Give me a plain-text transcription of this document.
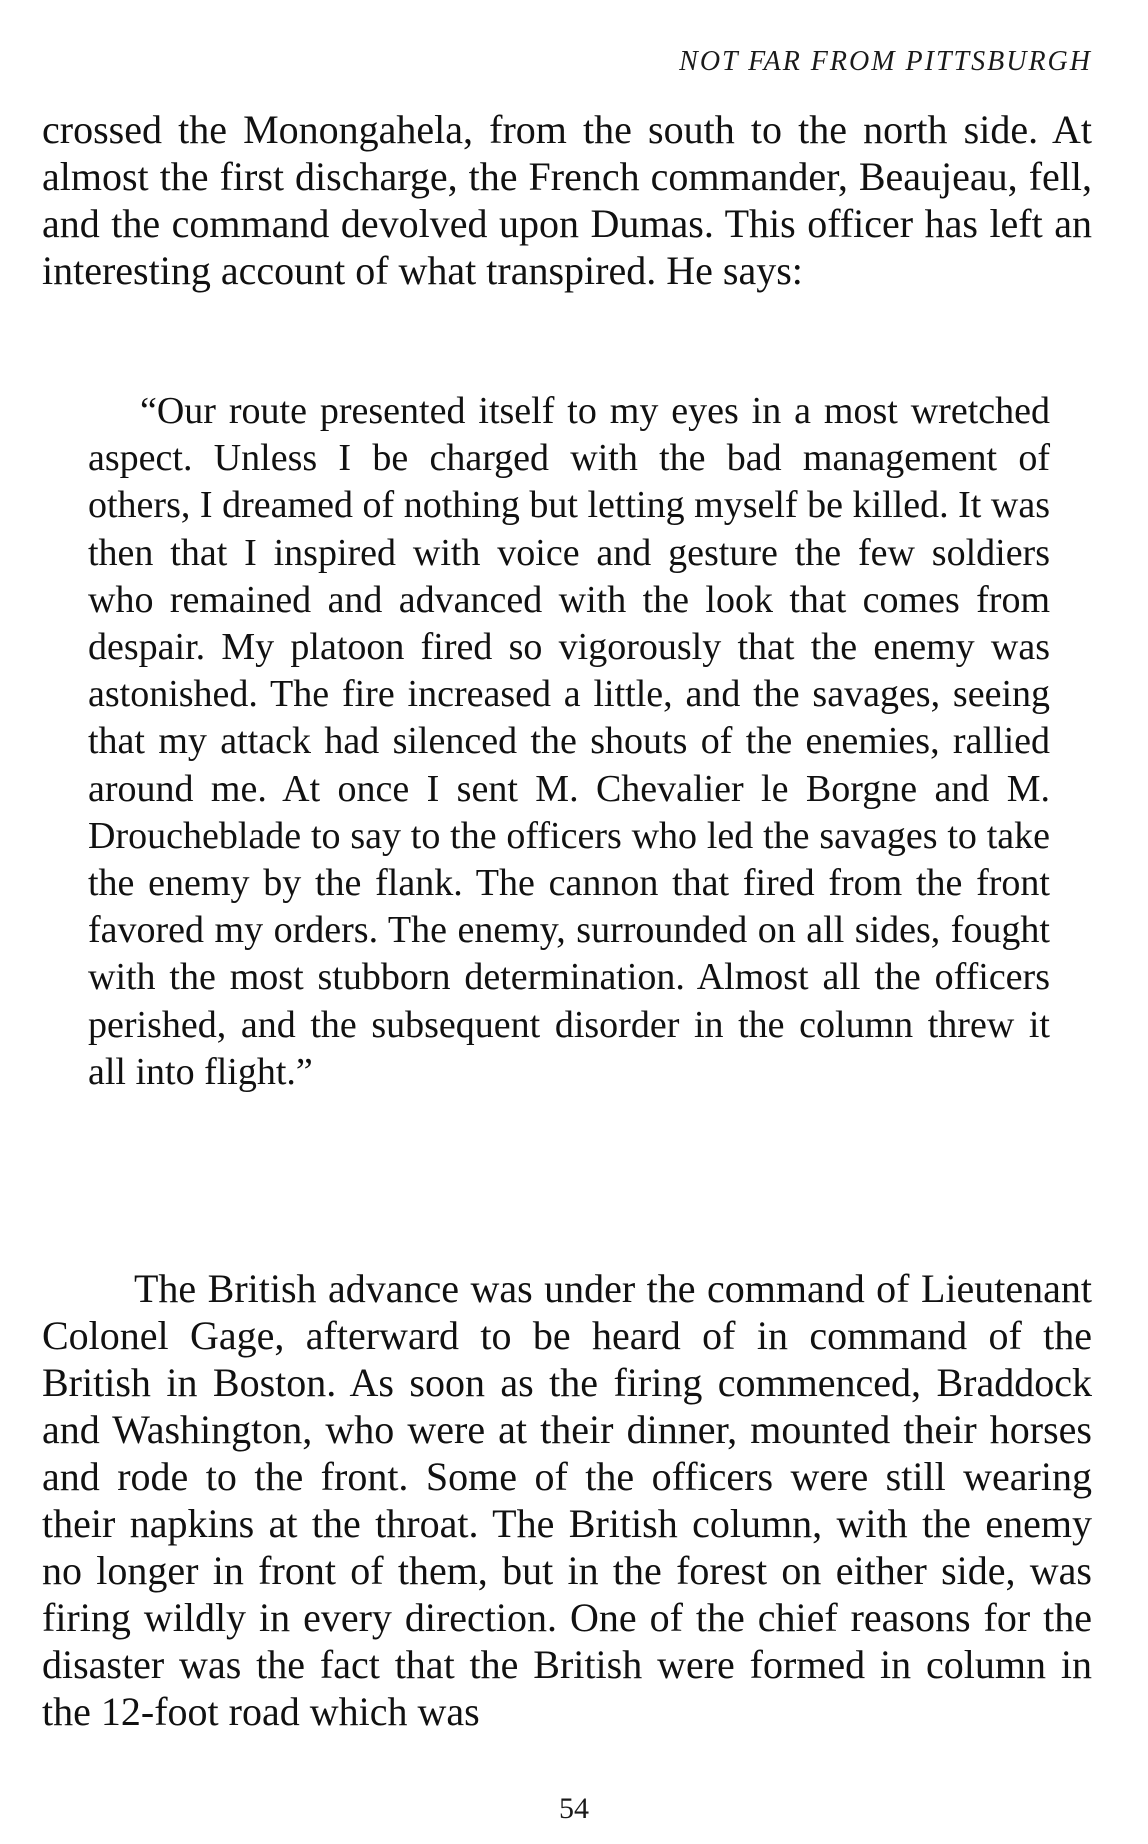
NOT FAR FROM PITTSBURGH

crossed the Monongahela, from the south to the north side. At almost the first discharge, the French commander, Beaujeau, fell, and the command devolved upon Dumas. This officer has left an interesting account of what transpired. He says:

“Our route presented itself to my eyes in a most wretched aspect. Unless I be charged with the bad management of others, I dreamed of nothing but letting myself be killed. It was then that I inspired with voice and gesture the few soldiers who remained and advanced with the look that comes from despair. My platoon fired so vigorously that the enemy was astonished. The fire increased a little, and the savages, seeing that my attack had silenced the shouts of the enemies, rallied around me. At once I sent M. Chevalier le Borgne and M. Droucheblade to say to the officers who led the savages to take the enemy by the flank. The cannon that fired from the front favored my orders. The enemy, surrounded on all sides, fought with the most stubborn determination. Almost all the officers perished, and the subsequent disorder in the column threw it all into flight.”

The British advance was under the command of Lieutenant Colonel Gage, afterward to be heard of in command of the British in Boston. As soon as the firing commenced, Braddock and Washington, who were at their dinner, mounted their horses and rode to the front. Some of the officers were still wearing their napkins at the throat. The British column, with the enemy no longer in front of them, but in the forest on either side, was firing wildly in every direction. One of the chief reasons for the disaster was the fact that the British were formed in column in the 12-foot road which was

54
